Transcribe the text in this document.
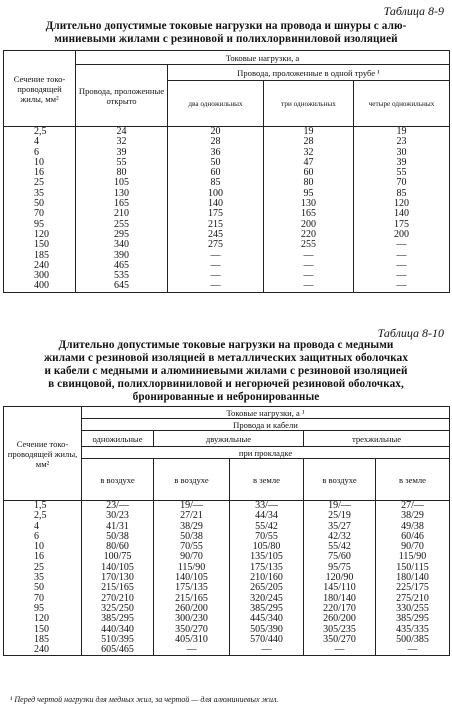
Таблица 8-9
Длительно допустимые токовые нагрузки на провода и шнуры с алю-
миниевыми жилами с резиновой и полихлорвиниловой изоляцией
Сечение токо-проводящей жилы, мм²	Токовые нагрузки, а			
	Провода, проложенные открыто	Провода, проложенные в одной трубе ¹		
		два одножильных	три одножильных	четыре одножильных
2,5	24	20	19	19
4	32	28	28	23
6	39	36	32	30
10	55	50	47	39
16	80	60	60	55
25	105	85	80	70
35	130	100	95	85
50	165	140	130	120
70	210	175	165	140
95	255	215	200	175
120	295	245	220	200
150	340	275	255	—
185	390	—	—	—
240	465	—	—	—
300	535	—	—	—
400	645	—	—	—
Таблица 8-10
Длительно допустимые токовые нагрузки на провода с медными
жилами с резиновой изоляцией в металлических защитных оболочках
и кабели с медными и алюминиевыми жилами с резиновой изоляцией
в свинцовой, полихлорвиниловой и негорючей резиновой оболочках,
бронированные и небронированные
Сечение токо-проводящей жилы, мм²	Токовые нагрузки, а ¹				
	Провода и кабели				
	одножильные	двужильные		трехжильные	
	при прокладке				
	в воздухе	в воздухе	в земле	в воздухе	в земле
1,5	23/—	19/—	33/—	19/—	27/—
2,5	30/23	27/21	44/34	25/19	38/29
4	41/31	38/29	55/42	35/27	49/38
6	50/38	50/38	70/55	42/32	60/46
10	80/60	70/55	105/80	55/42	90/70
16	100/75	90/70	135/105	75/60	115/90
25	140/105	115/90	175/135	95/75	150/115
35	170/130	140/105	210/160	120/90	180/140
50	215/165	175/135	265/205	145/110	225/175
70	270/210	215/165	320/245	180/140	275/210
95	325/250	260/200	385/295	220/170	330/255
120	385/295	300/230	445/340	260/200	385/295
150	440/340	350/270	505/390	305/235	435/335
185	510/395	405/310	570/440	350/270	500/385
240	605/465	—	—	—	—
¹ Перед чертой нагрузки для медных жил, за чертой — для алюминиевых жил.
